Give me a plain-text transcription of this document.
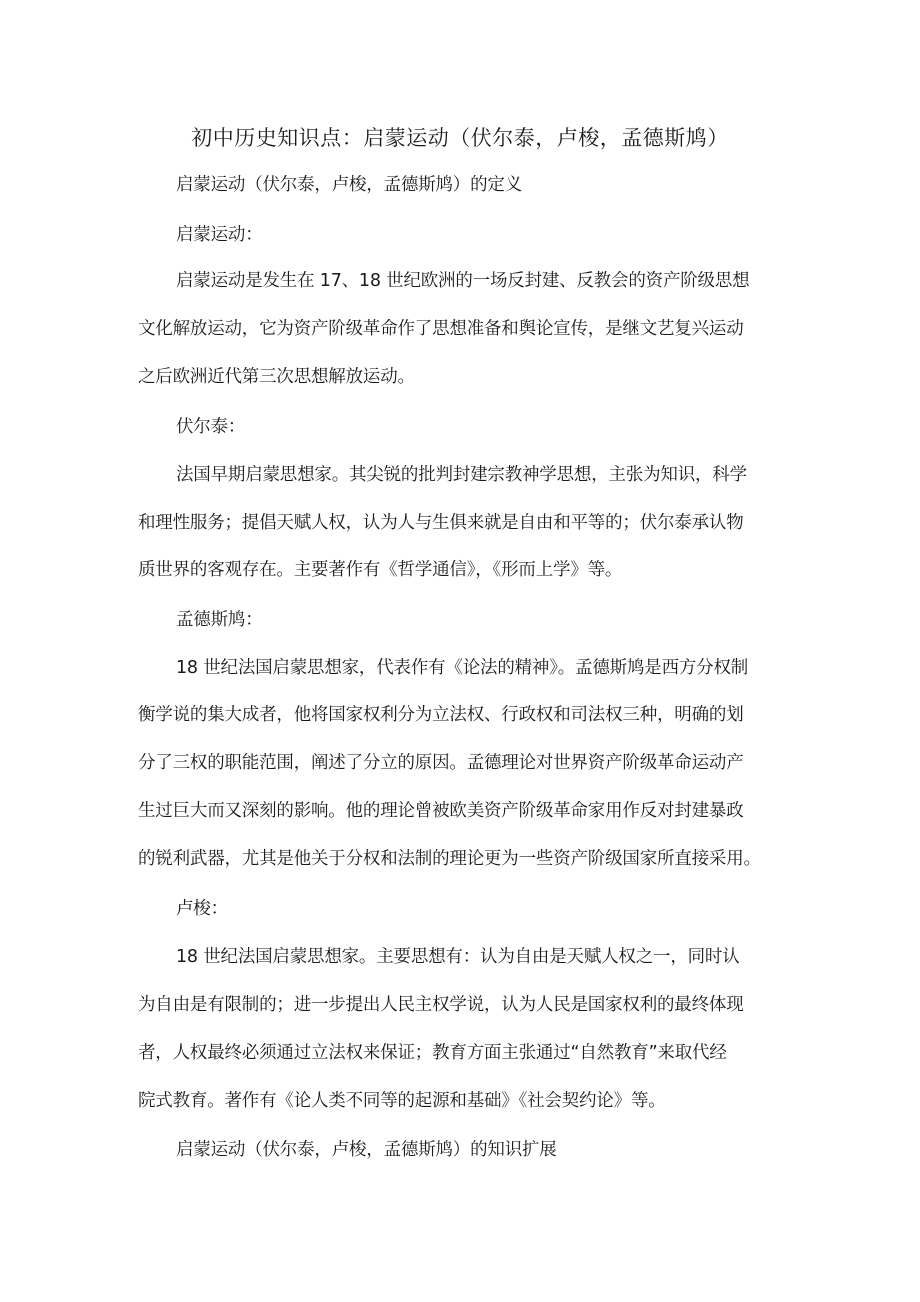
初中历史知识点：启蒙运动（伏尔泰，卢梭，孟德斯鸠）
启蒙运动（伏尔泰，卢梭，孟德斯鸠）的定义
启蒙运动：
启蒙运动是发生在 17、18 世纪欧洲的一场反封建、反教会的资产阶级思想
文化解放运动，它为资产阶级革命作了思想准备和舆论宣传，是继文艺复兴运动
之后欧洲近代第三次思想解放运动。
伏尔泰：
法国早期启蒙思想家。其尖锐的批判封建宗教神学思想，主张为知识，科学
和理性服务；提倡天赋人权，认为人与生俱来就是自由和平等的；伏尔泰承认物
质世界的客观存在。主要著作有《哲学通信》，《形而上学》等。
孟德斯鸠：
18 世纪法国启蒙思想家，代表作有《论法的精神》。孟德斯鸠是西方分权制
衡学说的集大成者，他将国家权利分为立法权、行政权和司法权三种，明确的划
分了三权的职能范围，阐述了分立的原因。孟德理论对世界资产阶级革命运动产
生过巨大而又深刻的影响。他的理论曾被欧美资产阶级革命家用作反对封建暴政
的锐利武器，尤其是他关于分权和法制的理论更为一些资产阶级国家所直接采用。
卢梭：
18 世纪法国启蒙思想家。主要思想有：认为自由是天赋人权之一，同时认
为自由是有限制的；进一步提出人民主权学说，认为人民是国家权利的最终体现
者，人权最终必须通过立法权来保证；教育方面主张通过“自然教育”来取代经
院式教育。著作有《论人类不同等的起源和基础》《社会契约论》等。
启蒙运动（伏尔泰，卢梭，孟德斯鸠）的知识扩展
